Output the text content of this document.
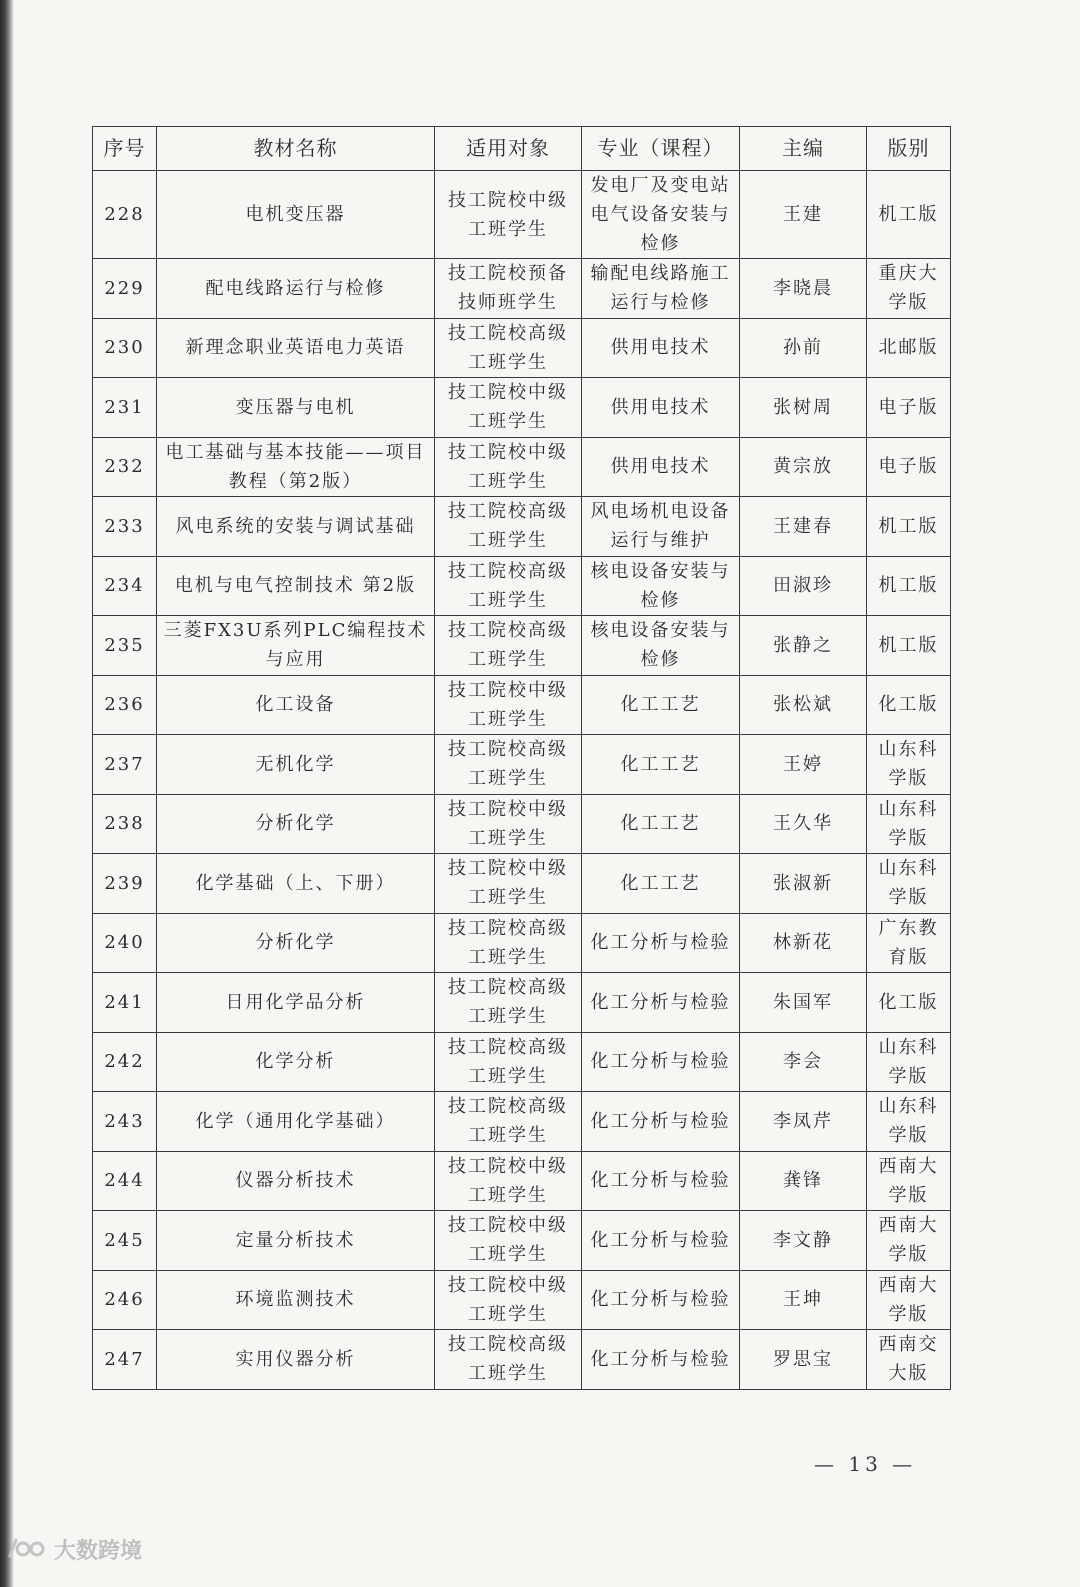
序号	教材名称	适用对象	专业（课程）	主编	版别
228	电机变压器	技工院校中级工班学生	发电厂及变电站电气设备安装与检修	王建	机工版
229	配电线路运行与检修	技工院校预备技师班学生	输配电线路施工运行与检修	李晓晨	重庆大学版
230	新理念职业英语电力英语	技工院校高级工班学生	供用电技术	孙前	北邮版
231	变压器与电机	技工院校中级工班学生	供用电技术	张树周	电子版
232	电工基础与基本技能——项目教程（第2版）	技工院校中级工班学生	供用电技术	黄宗放	电子版
233	风电系统的安装与调试基础	技工院校高级工班学生	风电场机电设备运行与维护	王建春	机工版
234	电机与电气控制技术 第2版	技工院校高级工班学生	核电设备安装与检修	田淑珍	机工版
235	三菱FX3U系列PLC编程技术与应用	技工院校高级工班学生	核电设备安装与检修	张静之	机工版
236	化工设备	技工院校中级工班学生	化工工艺	张松斌	化工版
237	无机化学	技工院校高级工班学生	化工工艺	王婷	山东科学版
238	分析化学	技工院校中级工班学生	化工工艺	王久华	山东科学版
239	化学基础（上、下册）	技工院校中级工班学生	化工工艺	张淑新	山东科学版
240	分析化学	技工院校高级工班学生	化工分析与检验	林新花	广东教育版
241	日用化学品分析	技工院校高级工班学生	化工分析与检验	朱国军	化工版
242	化学分析	技工院校高级工班学生	化工分析与检验	李会	山东科学版
243	化学（通用化学基础）	技工院校高级工班学生	化工分析与检验	李凤芹	山东科学版
244	仪器分析技术	技工院校中级工班学生	化工分析与检验	龚锋	西南大学版
245	定量分析技术	技工院校中级工班学生	化工分析与检验	李文静	西南大学版
246	环境监测技术	技工院校中级工班学生	化工分析与检验	王坤	西南大学版
247	实用仪器分析	技工院校高级工班学生	化工分析与检验	罗思宝	西南交大版
— 13 —
大数跨境
